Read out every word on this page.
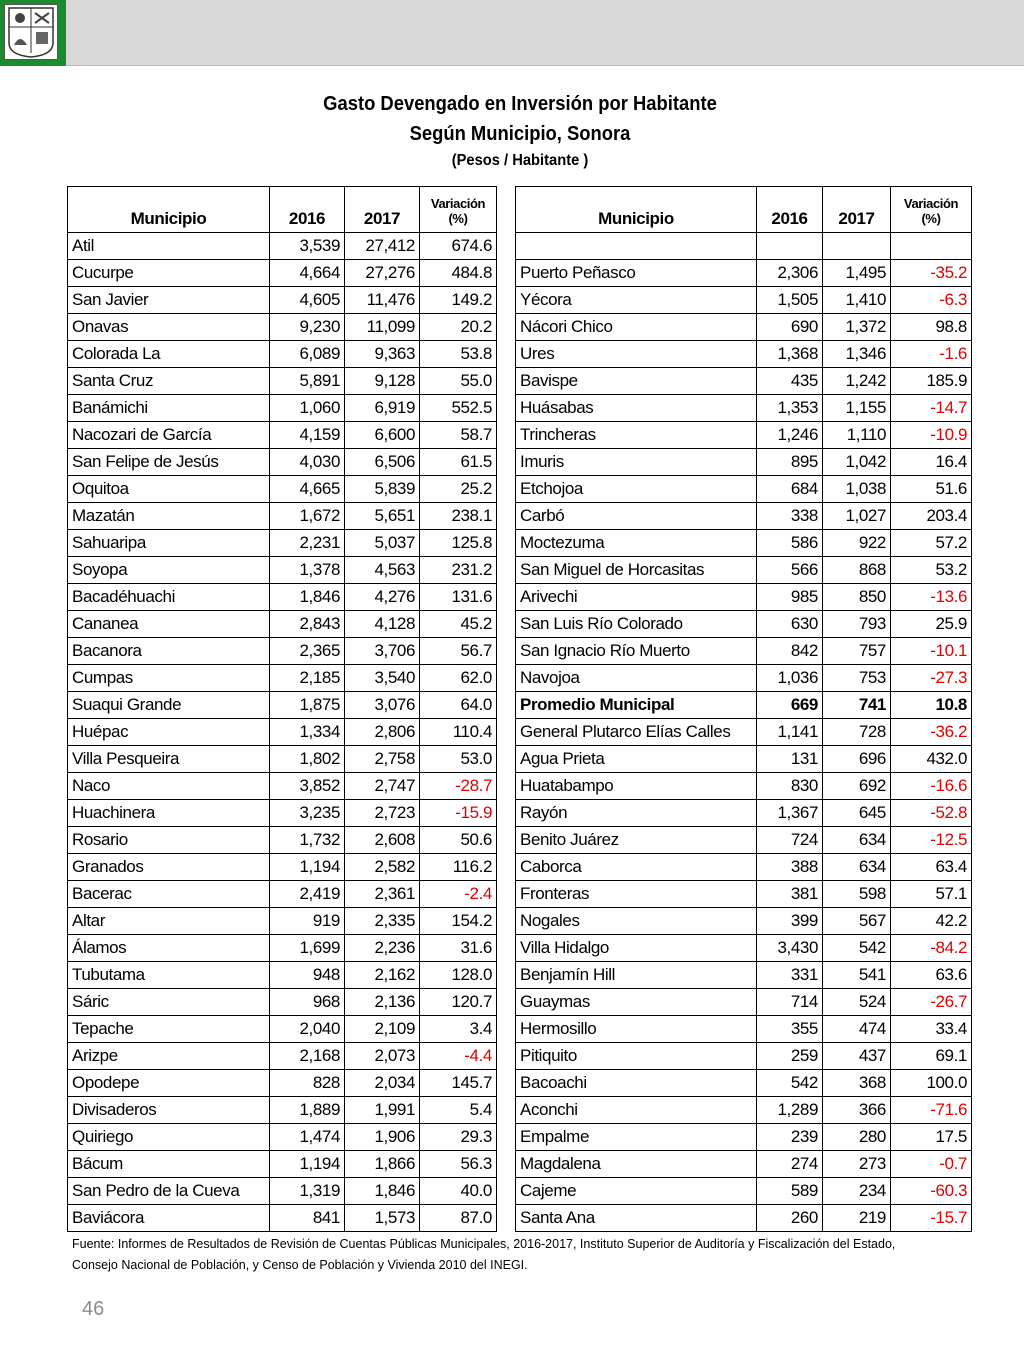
Gasto Devengado en Inversión por Habitante
Según Municipio, Sonora
(Pesos / Habitante )
Municipio	2016	2017	Variación
(%)
Atil	3,539	27,412	674.6
Cucurpe	4,664	27,276	484.8
San Javier	4,605	11,476	149.2
Onavas	9,230	11,099	20.2
Colorada La	6,089	9,363	53.8
Santa Cruz	5,891	9,128	55.0
Banámichi	1,060	6,919	552.5
Nacozari de García	4,159	6,600	58.7
San Felipe de Jesús	4,030	6,506	61.5
Oquitoa	4,665	5,839	25.2
Mazatán	1,672	5,651	238.1
Sahuaripa	2,231	5,037	125.8
Soyopa	1,378	4,563	231.2
Bacadéhuachi	1,846	4,276	131.6
Cananea	2,843	4,128	45.2
Bacanora	2,365	3,706	56.7
Cumpas	2,185	3,540	62.0
Suaqui Grande	1,875	3,076	64.0
Huépac	1,334	2,806	110.4
Villa Pesqueira	1,802	2,758	53.0
Naco	3,852	2,747	-28.7
Huachinera	3,235	2,723	-15.9
Rosario	1,732	2,608	50.6
Granados	1,194	2,582	116.2
Bacerac	2,419	2,361	-2.4
Altar	919	2,335	154.2
Álamos	1,699	2,236	31.6
Tubutama	948	2,162	128.0
Sáric	968	2,136	120.7
Tepache	2,040	2,109	3.4
Arizpe	2,168	2,073	-4.4
Opodepe	828	2,034	145.7
Divisaderos	1,889	1,991	5.4
Quiriego	1,474	1,906	29.3
Bácum	1,194	1,866	56.3
San Pedro de la Cueva	1,319	1,846	40.0
Baviácora	841	1,573	87.0
Municipio	2016	2017	Variación
(%)

Puerto Peñasco	2,306	1,495	-35.2
Yécora	1,505	1,410	-6.3
Nácori Chico	690	1,372	98.8
Ures	1,368	1,346	-1.6
Bavispe	435	1,242	185.9
Huásabas	1,353	1,155	-14.7
Trincheras	1,246	1,110	-10.9
Imuris	895	1,042	16.4
Etchojoa	684	1,038	51.6
Carbó	338	1,027	203.4
Moctezuma	586	922	57.2
San Miguel de Horcasitas	566	868	53.2
Arivechi	985	850	-13.6
San Luis Río Colorado	630	793	25.9
San Ignacio Río Muerto	842	757	-10.1
Navojoa	1,036	753	-27.3
Promedio Municipal	669	741	10.8
General Plutarco Elías Calles	1,141	728	-36.2
Agua Prieta	131	696	432.0
Huatabampo	830	692	-16.6
Rayón	1,367	645	-52.8
Benito Juárez	724	634	-12.5
Caborca	388	634	63.4
Fronteras	381	598	57.1
Nogales	399	567	42.2
Villa Hidalgo	3,430	542	-84.2
Benjamín Hill	331	541	63.6
Guaymas	714	524	-26.7
Hermosillo	355	474	33.4
Pitiquito	259	437	69.1
Bacoachi	542	368	100.0
Aconchi	1,289	366	-71.6
Empalme	239	280	17.5
Magdalena	274	273	-0.7
Cajeme	589	234	-60.3
Santa Ana	260	219	-15.7
Fuente: Informes de Resultados de Revisión de Cuentas Públicas Municipales, 2016-2017, Instituto Superior de Auditoría y Fiscalización del Estado,
Consejo Nacional de Población, y Censo de Población y Vivienda 2010 del INEGI.
46
